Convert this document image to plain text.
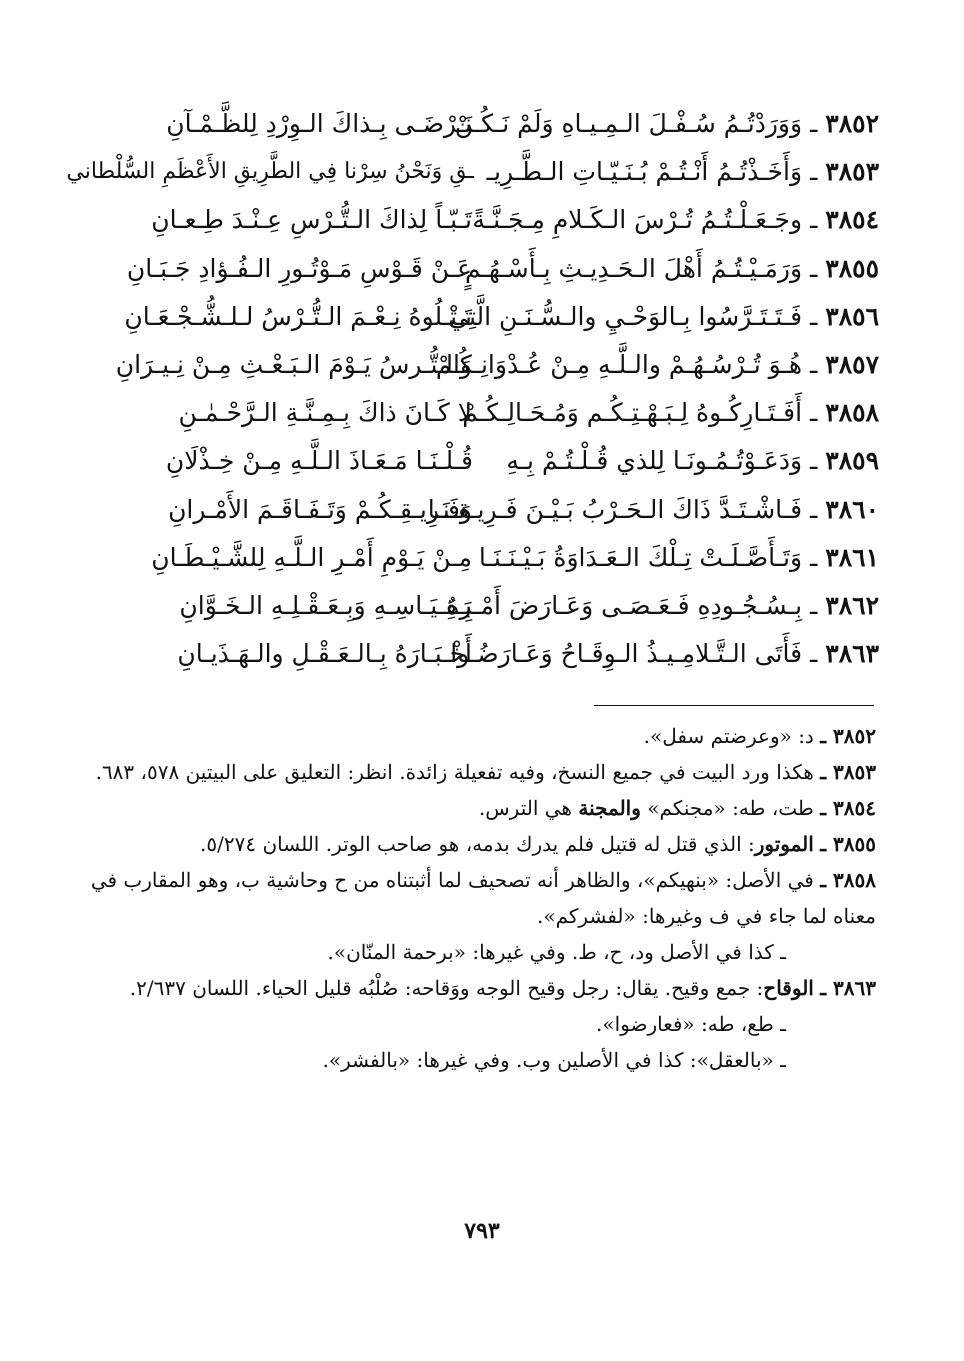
٣٨٥٢ ـ وَوَرَدْتُـمُ سُـفْـلَ الـمِـيـاهِ وَلَمْ نَـكُـنْ
نَـرْضَـى بِـذاكَ الـوِرْدِ لِلظَّـمْـآنِ
٣٨٥٣ ـ وَأَخَـذْتُـمُ أَنْـتُـمْ بُـنَـيّـاتِ الـطَّـرِيـ
ـقِ وَنَحْنُ سِرْنا فِي الطَّرِيقِ الأَعْظَمِ السُّلْطاني
٣٨٥٤ ـ وجَـعَـلْـتُـمُ تُـرْسَ الـكَـلامِ مِـجَـنَّـةً
تَـبّـاً لِذاكَ الـتُّـرْسِ عِـنْـدَ طِـعـانِ
٣٨٥٥ ـ وَرَمَـيْـتُـمُ أَهْلَ الـحَـدِيـثِ بِـأَسْـهُـمٍ
عَـنْ قَـوْسِ مَـوْتُـورِ الـفُـؤادِ جَـبَـانِ
٣٨٥٦ ـ فَـتَـتَـرَّسُوا بِـالوَحْـيِ والـسُّـنَـنِ الَّتِي
تَـتْـلُوهُ نِـعْـمَ الـتُّـرْسُ لـلـشُّـجْـعَـانِ
٣٨٥٧ ـ هُـوَ تُـرْسُـهُـمْ والـلَّـهِ مِـنْ عُـدْوَانِـكُـمْ
وَالـتُّـرسُ يَـوْمَ الـبَـعْـثِ مِـنْ نِـيـرَانِ
٣٨٥٨ ـ أَفَـتَـارِكُـوهُ لِـبَـهْـتِـكُـم وَمُـحَـالِـكُـمْ
لا كَـانَ ذاكَ بِـمِـنَّـةِ الـرَّحْـمٰـنِ
٣٨٥٩ ـ وَدَعَـوْتُـمُـونَـا لِلذي قُـلْـتُـمْ بِـهِ
قُـلْـنَـا مَـعَـاذَ الـلَّـهِ مِـنْ خِـذْلَانِ
٣٨٦٠ ـ فَـاشْـتَـدَّ ذَاكَ الـحَـرْبُ بَـيْـنَ فَـرِيـقِـنَـا
وَفَـرِيـقِـكُـمْ وَتَـفَـاقَـمَ الأَمْـرانِ
٣٨٦١ ـ وَتَـأَصَّـلَـتْ تِـلْكَ الـعَـدَاوَةُ بَـيْـنَـنَـا
مِـنْ يَـوْمِ أَمْـرِ الـلَّـهِ لِلشَّـيْـطَـانِ
٣٨٦٢ ـ بِـسُـجُـودِهِ فَـعَـصَـى وَعَـارَضَ أَمْـرَهُ
بِـقِـيَـاسِـهِ وَبِـعَـقْـلِـهِ الـخَـوَّانِ
٣٨٦٣ ـ فَأَتَى الـتَّـلامِـيـذُ الـوِقَـاحُ وَعَـارَضُـوا
أَخْـبَـارَهُ بِـالـعَـقْـلِ والـهَـذَيـانِ
٣٨٥٢ ـ د: «وعرضتم سفل».
٣٨٥٣ ـ هكذا ورد البيت في جميع النسخ، وفيه تفعيلة زائدة. انظر: التعليق على البيتين ٥٧٨، ٦٨٣.
٣٨٥٤ ـ طت، طه: «مجنكم» والمجنة هي الترس.
٣٨٥٥ ـ الموتور: الذي قتل له قتيل فلم يدرك بدمه، هو صاحب الوتر. اللسان ٥/٢٧٤.
٣٨٥٨ ـ في الأصل: «بنهيكم»، والظاهر أنه تصحيف لما أثبتناه من ح وحاشية ب، وهو المقارب في معناه لما جاء في ف وغيرها: «لفشركم».
ـ كذا في الأصل ود، ح، ط. وفي غيرها: «برحمة المنّان».
٣٨٦٣ ـ الوقاح: جمع وقيح. يقال: رجل وقيح الوجه ووَقاحه: صُلْبُه قليل الحياء. اللسان ٢/٦٣٧.
ـ طع، طه: «فعارضوا».
ـ «بالعقل»: كذا في الأصلين وب. وفي غيرها: «بالفشر».
٧٩٣
